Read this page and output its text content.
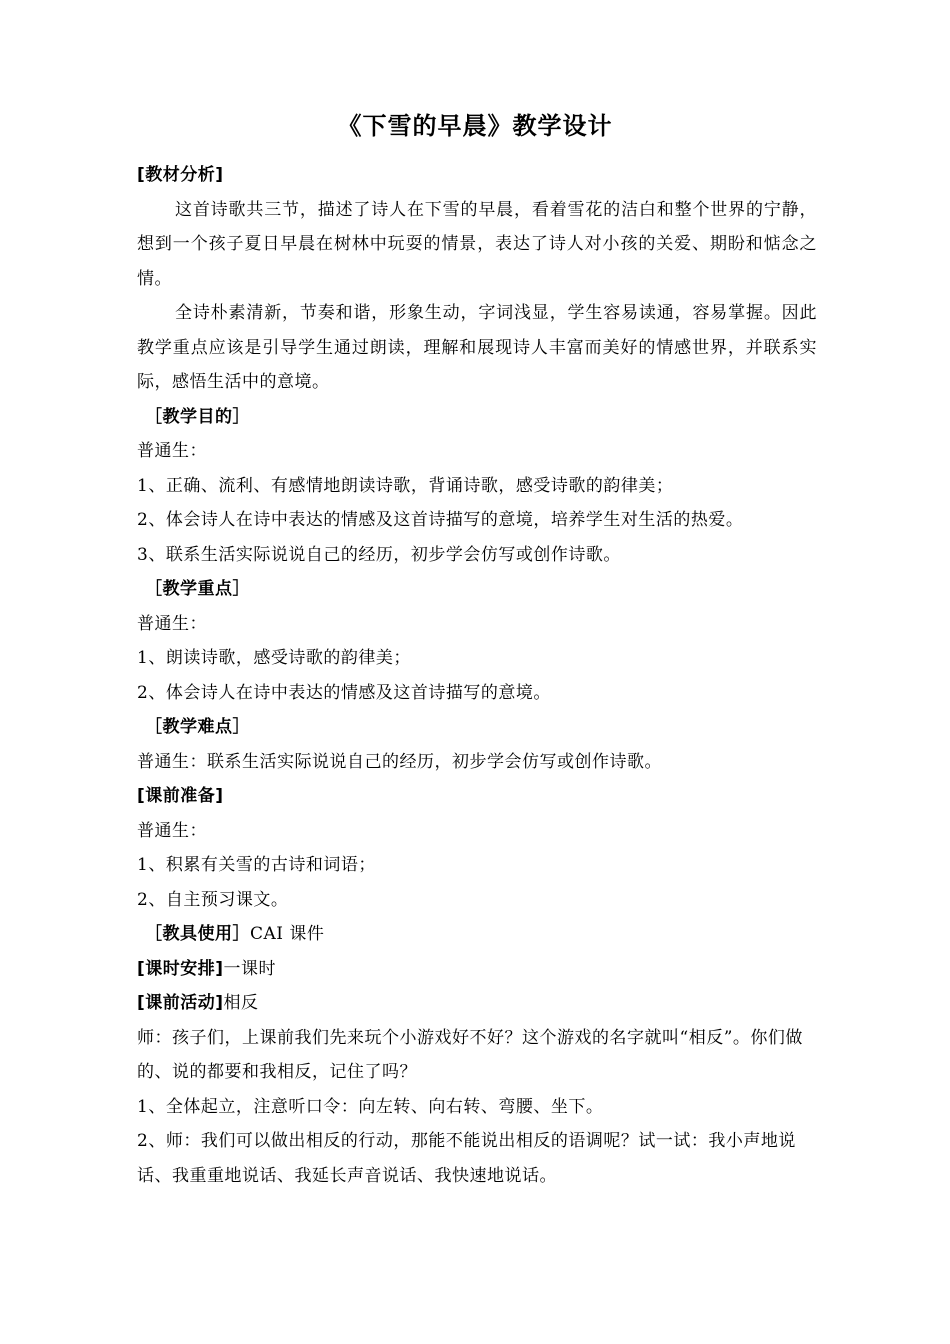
《下雪的早晨》教学设计

[教材分析]

这首诗歌共三节，描述了诗人在下雪的早晨，看着雪花的洁白和整个世界的宁静，想到一个孩子夏日早晨在树林中玩耍的情景，表达了诗人对小孩的关爱、期盼和惦念之情。

全诗朴素清新，节奏和谐，形象生动，字词浅显，学生容易读通，容易掌握。因此教学重点应该是引导学生通过朗读，理解和展现诗人丰富而美好的情感世界，并联系实际，感悟生活中的意境。

［教学目的］

普通生：

1、正确、流利、有感情地朗读诗歌，背诵诗歌，感受诗歌的韵律美；

2、体会诗人在诗中表达的情感及这首诗描写的意境，培养学生对生活的热爱。

3、联系生活实际说说自己的经历，初步学会仿写或创作诗歌。

［教学重点］

普通生：

1、朗读诗歌，感受诗歌的韵律美；

2、体会诗人在诗中表达的情感及这首诗描写的意境。

［教学难点］

普通生：联系生活实际说说自己的经历，初步学会仿写或创作诗歌。

[课前准备]

普通生：

1、积累有关雪的古诗和词语；

2、自主预习课文。

［教具使用］CAI 课件

[课时安排]一课时

[课前活动]相反

师：孩子们，上课前我们先来玩个小游戏好不好？这个游戏的名字就叫“相反”。你们做的、说的都要和我相反，记住了吗？

1、全体起立，注意听口令：向左转、向右转、弯腰、坐下。

2、师：我们可以做出相反的行动，那能不能说出相反的语调呢？试一试：我小声地说话、我重重地说话、我延长声音说话、我快速地说话。
